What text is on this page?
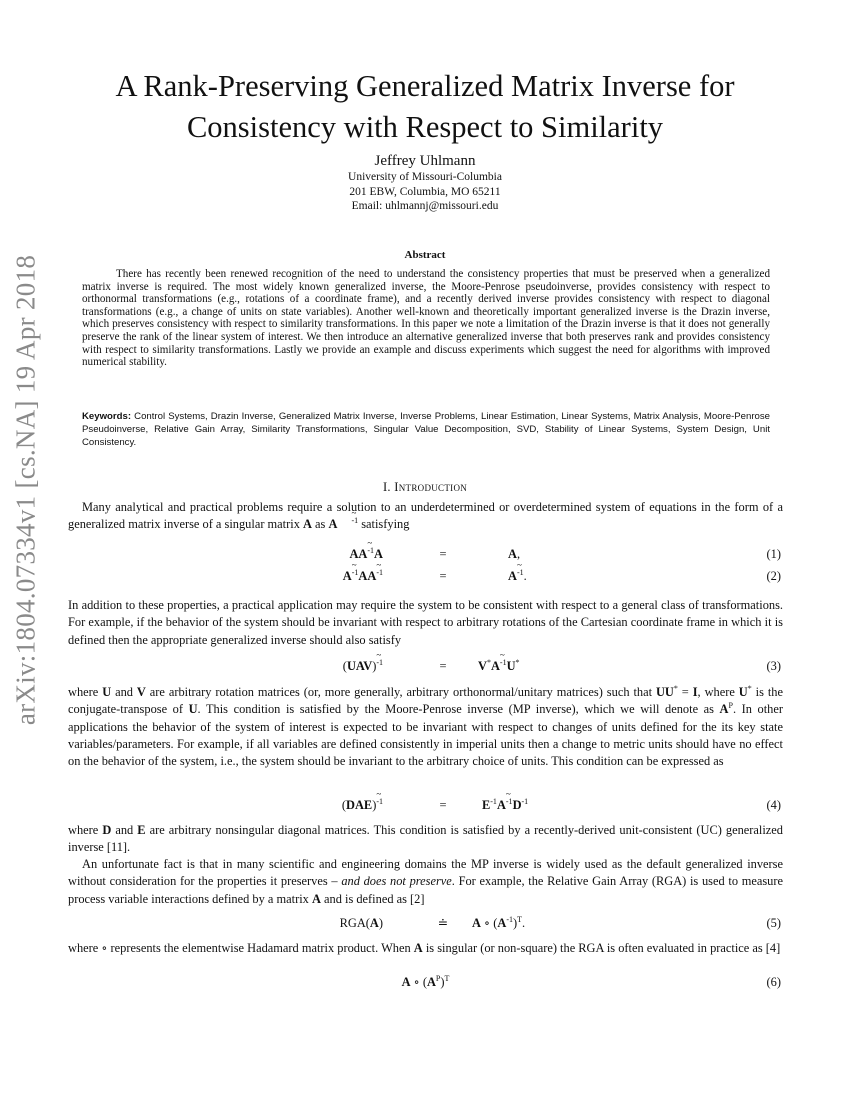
arXiv:1804.07334v1 [cs.NA] 19 Apr 2018
A Rank-Preserving Generalized Matrix Inverse for
Consistency with Respect to Similarity
Jeffrey Uhlmann
University of Missouri-Columbia
201 EBW, Columbia, MO 65211
Email: uhlmannj@missouri.edu
Abstract

There has recently been renewed recognition of the need to understand the consistency properties that must be preserved when a generalized matrix inverse is required. The most widely known generalized inverse, the Moore-Penrose pseudoinverse, provides consistency with respect to orthonormal transformations (e.g., rotations of a coordinate frame), and a recently derived inverse provides consistency with respect to diagonal transformations (e.g., a change of units on state variables). Another well-known and theoretically important generalized inverse is the Drazin inverse, which preserves consistency with respect to similarity transformations. In this paper we note a limitation of the Drazin inverse is that it does not generally preserve the rank of the linear system of interest. We then introduce an alternative generalized inverse that both preserves rank and provides consistency with respect to similarity transformations. Lastly we provide an example and discuss experiments which suggest the need for algorithms with improved numerical stability.

Keywords: Control Systems, Drazin Inverse, Generalized Matrix Inverse, Inverse Problems, Linear Estimation, Linear Systems, Matrix Analysis, Moore-Penrose Pseudoinverse, Relative Gain Array, Similarity Transformations, Singular Value Decomposition, SVD, Stability of Linear Systems, System Design, Unit Consistency.

I. Introduction

Many analytical and practical problems require a solution to an underdetermined or overdetermined system of equations in the form of a generalized matrix inverse of a singular matrix A as A -1 satisfying

AA-1A	=	A,	(1)
A-1AA-1	=	A-1.	(2)

In addition to these properties, a practical application may require the system to be consistent with respect to a general class of transformations. For example, if the behavior of the system should be invariant with respect to arbitrary rotations of the Cartesian coordinate frame in which it is defined then the appropriate generalized inverse should also satisfy

(UAV)-1	=	V*A-1U*	(3)

where U and V are arbitrary rotation matrices (or, more generally, arbitrary orthonormal/unitary matrices) such that UU* = I, where U* is the conjugate-transpose of U. This condition is satisfied by the Moore-Penrose inverse (MP inverse), which we will denote as $A^P$. In other applications the behavior of the system of interest is expected to be invariant with respect to changes of units defined for the its key state variables/parameters. For example, if all variables are defined consistently in imperial units then a change to metric units should have no effect on the behavior of the system, i.e., the system should be invariant to the arbitrary choice of units. This condition can be expressed as

(DAE)-1	=	$E^{-1}A-1D^{-1}$	(4)

where D and E are arbitrary nonsingular diagonal matrices. This condition is satisfied by a recently-derived unit-consistent (UC) generalized inverse [11].

An unfortunate fact is that in many scientific and engineering domains the MP inverse is widely used as the default generalized inverse without consideration for the properties it preserves – and does not preserve. For example, the Relative Gain Array (RGA) is used to measure process variable interactions defined by a matrix A and is defined as [2]

RGA(A)	≐ A ∘ $(A^{-1})^T$.	(5)

where ∘ represents the elementwise Hadamard matrix product. When A is singular (or non-square) the RGA is often evaluated in practice as [4]

A ∘ $(A^P)^T$	(6)
